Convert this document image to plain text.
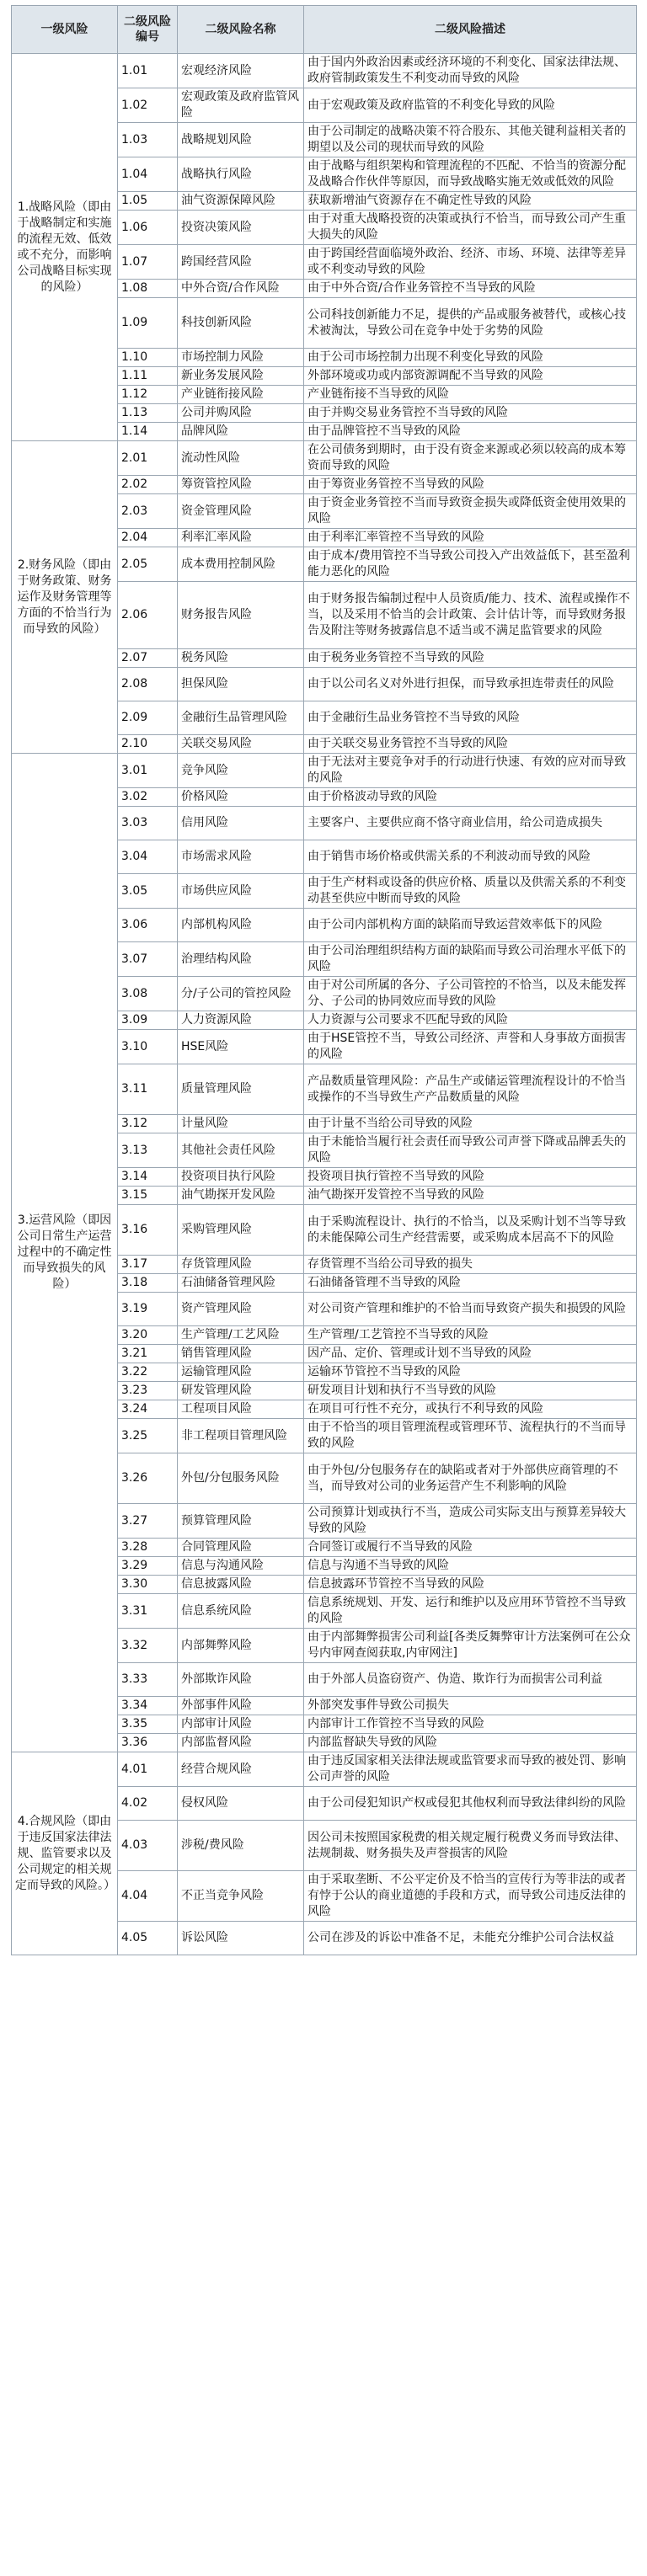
一级风险	二级风险编号	二级风险名称	二级风险描述
1.战略风险（即由于战略制定和实施的流程无效、低效或不充分，而影响公司战略目标实现的风险）	1.01	宏观经济风险	由于国内外政治因素或经济环境的不利变化、国家法律法规、政府管制政策发生不利变动而导致的风险
	1.02	宏观政策及政府监管风险	由于宏观政策及政府监管的不利变化导致的风险
	1.03	战略规划风险	由于公司制定的战略决策不符合股东、其他关键利益相关者的期望以及公司的现状而导致的风险
	1.04	战略执行风险	由于战略与组织架构和管理流程的不匹配、不恰当的资源分配及战略合作伙伴等原因，而导致战略实施无效或低效的风险
	1.05	油气资源保障风险	获取新增油气资源存在不确定性导致的风险
	1.06	投资决策风险	由于对重大战略投资的决策或执行不恰当，而导致公司产生重大损失的风险
	1.07	跨国经营风险	由于跨国经营面临境外政治、经济、市场、环境、法律等差异或不利变动导致的风险
	1.08	中外合资/合作风险	由于中外合资/合作业务管控不当导致的风险
	1.09	科技创新风险	公司科技创新能力不足，提供的产品或服务被替代，或核心技术被淘汰，导致公司在竞争中处于劣势的风险
	1.10	市场控制力风险	由于公司市场控制力出现不利变化导致的风险
	1.11	新业务发展风险	外部环境或功或内部资源调配不当导致的风险
	1.12	产业链衔接风险	产业链衔接不当导致的风险
	1.13	公司并购风险	由于并购交易业务管控不当导致的风险
	1.14	品牌风险	由于品牌管控不当导致的风险
2.财务风险（即由于财务政策、财务运作及财务管理等方面的不恰当行为而导致的风险）	2.01	流动性风险	在公司债务到期时，由于没有资金来源或必须以较高的成本筹资而导致的风险
	2.02	筹资管控风险	由于筹资业务管控不当导致的风险
	2.03	资金管理风险	由于资金业务管控不当而导致资金损失或降低资金使用效果的风险
	2.04	利率汇率风险	由于利率汇率管控不当导致的风险
	2.05	成本费用控制风险	由于成本/费用管控不当导致公司投入产出效益低下，甚至盈利能力恶化的风险
	2.06	财务报告风险	由于财务报告编制过程中人员资质/能力、技术、流程或操作不当，以及采用不恰当的会计政策、会计估计等，而导致财务报告及附注等财务披露信息不适当或不满足监管要求的风险
	2.07	税务风险	由于税务业务管控不当导致的风险
	2.08	担保风险	由于以公司名义对外进行担保，而导致承担连带责任的风险
	2.09	金融衍生品管理风险	由于金融衍生品业务管控不当导致的风险
	2.10	关联交易风险	由于关联交易业务管控不当导致的风险
3.运营风险（即因公司日常生产运营过程中的不确定性而导致损失的风险）	3.01	竞争风险	由于无法对主要竞争对手的行动进行快速、有效的应对而导致的风险
	3.02	价格风险	由于价格波动导致的风险
	3.03	信用风险	主要客户、主要供应商不恪守商业信用，给公司造成损失
	3.04	市场需求风险	由于销售市场价格或供需关系的不利波动而导致的风险
	3.05	市场供应风险	由于生产材料或设备的供应价格、质量以及供需关系的不利变动甚至供应中断而导致的风险
	3.06	内部机构风险	由于公司内部机构方面的缺陷而导致运营效率低下的风险
	3.07	治理结构风险	由于公司治理组织结构方面的缺陷而导致公司治理水平低下的风险
	3.08	分/子公司的管控风险	由于对公司所属的各分、子公司管控的不恰当，以及未能发挥分、子公司的协同效应而导致的风险
	3.09	人力资源风险	人力资源与公司要求不匹配导致的风险
	3.10	HSE风险	由于HSE管控不当，导致公司经济、声誉和人身事故方面损害的风险
	3.11	质量管理风险	产品数质量管理风险：产品生产或储运管理流程设计的不恰当或操作的不当导致生产产品数质量的风险
	3.12	计量风险	由于计量不当给公司导致的风险
	3.13	其他社会责任风险	由于未能恰当履行社会责任而导致公司声誉下降或品牌丢失的风险
	3.14	投资项目执行风险	投资项目执行管控不当导致的风险
	3.15	油气勘探开发风险	油气勘探开发管控不当导致的风险
	3.16	采购管理风险	由于采购流程设计、执行的不恰当，以及采购计划不当等导致的未能保障公司生产经营需要，或采购成本居高不下的风险
	3.17	存货管理风险	存货管理不当给公司导致的损失
	3.18	石油储备管理风险	石油储备管理不当导致的风险
	3.19	资产管理风险	对公司资产管理和维护的不恰当而导致资产损失和损毁的风险
	3.20	生产管理/工艺风险	生产管理/工艺管控不当导致的风险
	3.21	销售管理风险	因产品、定价、管理或计划不当导致的风险
	3.22	运输管理风险	运输环节管控不当导致的风险
	3.23	研发管理风险	研发项目计划和执行不当导致的风险
	3.24	工程项目风险	在项目可行性不充分，或执行不利导致的风险
	3.25	非工程项目管理风险	由于不恰当的项目管理流程或管理环节、流程执行的不当而导致的风险
	3.26	外包/分包服务风险	由于外包/分包服务存在的缺陷或者对于外部供应商管理的不当，而导致对公司的业务运营产生不利影响的风险
	3.27	预算管理风险	公司预算计划或执行不当，造成公司实际支出与预算差异较大导致的风险
	3.28	合同管理风险	合同签订或履行不当导致的风险
	3.29	信息与沟通风险	信息与沟通不当导致的风险
	3.30	信息披露风险	信息披露环节管控不当导致的风险
	3.31	信息系统风险	信息系统规划、开发、运行和维护以及应用环节管控不当导致的风险
	3.32	内部舞弊风险	由于内部舞弊损害公司利益[各类反舞弊审计方法案例可在公众号内审网查阅获取,内审网注]
	3.33	外部欺诈风险	由于外部人员盗窃资产、伪造、欺诈行为而损害公司利益
	3.34	外部事件风险	外部突发事件导致公司损失
	3.35	内部审计风险	内部审计工作管控不当导致的风险
	3.36	内部监督风险	内部监督缺失导致的风险
4.合规风险（即由于违反国家法律法规、监管要求以及公司规定的相关规定而导致的风险。）	4.01	经营合规风险	由于违反国家相关法律法规或监管要求而导致的被处罚、影响公司声誉的风险
	4.02	侵权风险	由于公司侵犯知识产权或侵犯其他权利而导致法律纠纷的风险
	4.03	涉税/费风险	因公司未按照国家税费的相关规定履行税费义务而导致法律、法规制裁、财务损失及声誉损害的风险
	4.04	不正当竞争风险	由于采取垄断、不公平定价及不恰当的宣传行为等非法的或者有悖于公认的商业道德的手段和方式，而导致公司违反法律的风险
	4.05	诉讼风险	公司在涉及的诉讼中准备不足，未能充分维护公司合法权益
